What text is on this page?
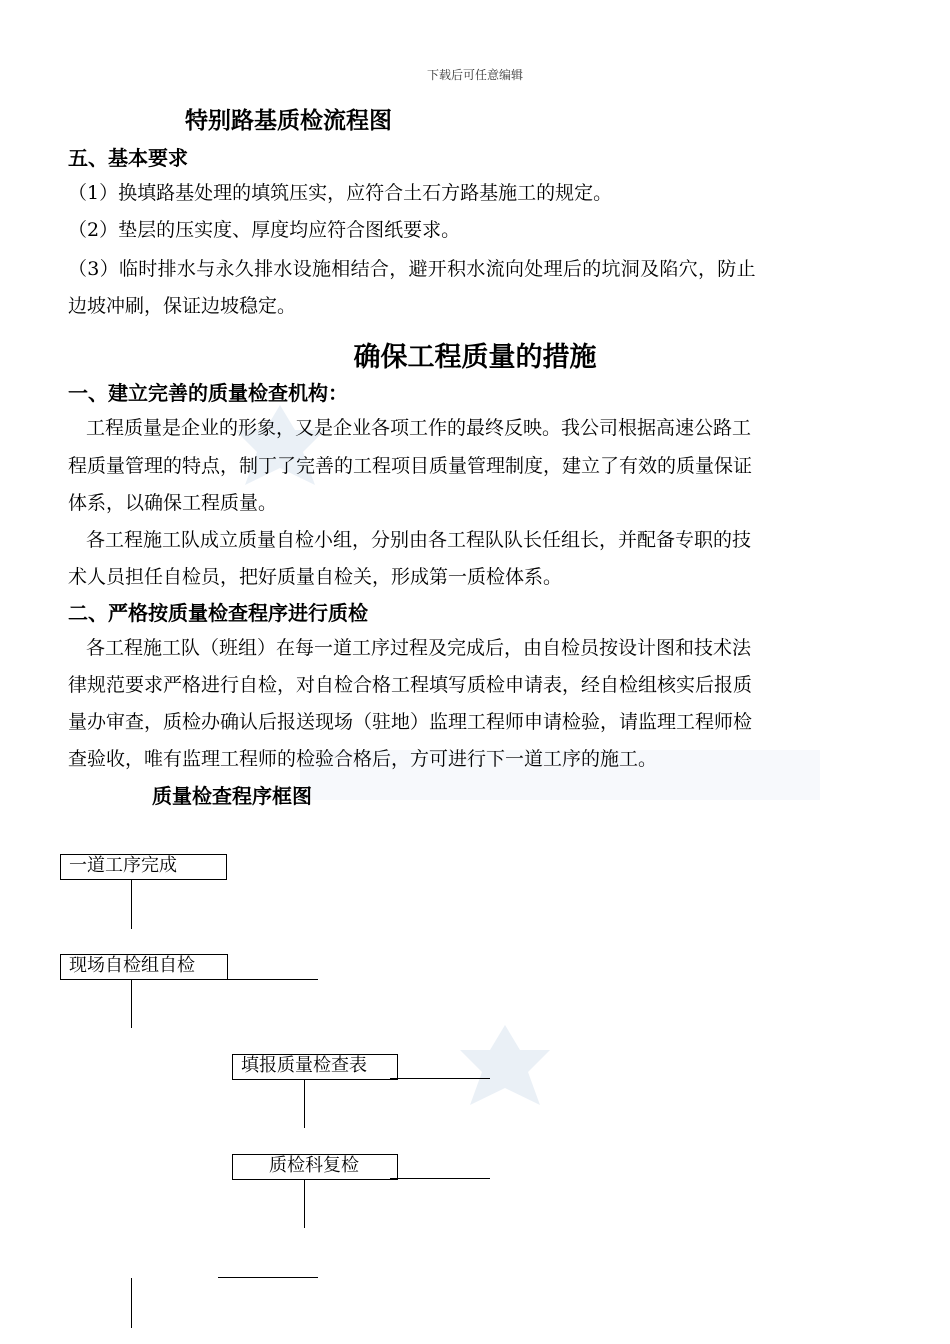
下载后可任意编辑
特别路基质检流程图
五、基本要求
（1）换填路基处理的填筑压实，应符合土石方路基施工的规定。
（2）垫层的压实度、厚度均应符合图纸要求。
（3）临时排水与永久排水设施相结合，避开积水流向处理后的坑洞及陷穴，防止
边坡冲刷，保证边坡稳定。
确保工程质量的措施
一、建立完善的质量检查机构：
工程质量是企业的形象，又是企业各项工作的最终反映。我公司根据高速公路工
程质量管理的特点，制丁了完善的工程项目质量管理制度，建立了有效的质量保证
体系，以确保工程质量。
各工程施工队成立质量自检小组，分别由各工程队队长任组长，并配备专职的技
术人员担任自检员，把好质量自检关，形成第一质检体系。
二、严格按质量检查程序进行质检
各工程施工队（班组）在每一道工序过程及完成后，由自检员按设计图和技术法
律规范要求严格进行自检，对自检合格工程填写质检申请表，经自检组核实后报质
量办审查，质检办确认后报送现场（驻地）监理工程师申请检验，请监理工程师检
查验收，唯有监理工程师的检验合格后，方可进行下一道工序的施工。
质量检查程序框图
一道工序完成
现场自检组自检
填报质量检查表
质检科复检
